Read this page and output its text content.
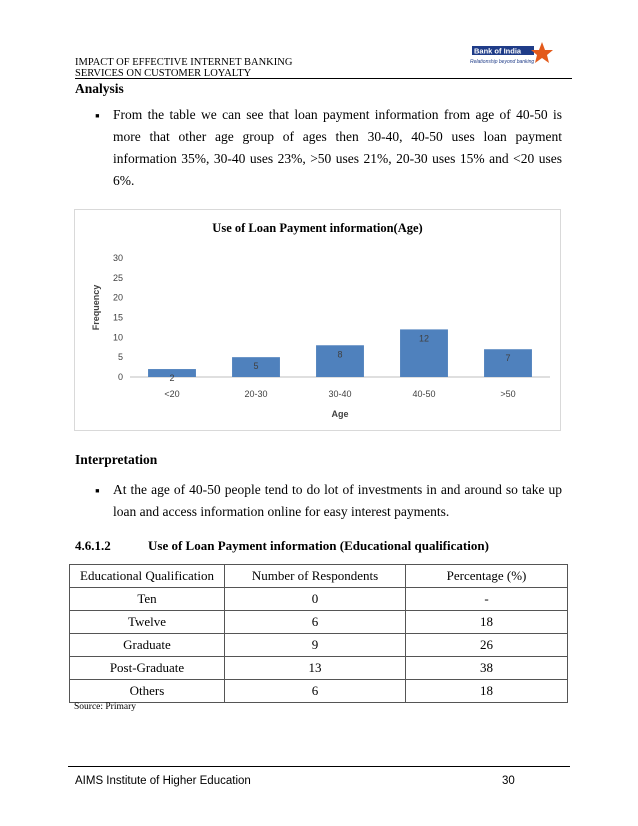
IMPACT OF EFFECTIVE INTERNET BANKING
SERVICES ON CUSTOMER LOYALTY
Bank of India
Relationship beyond banking
Analysis
▪ From the table we can see that loan payment information from age of 40-50 is more that other age group of ages then 30-40, 40-50 uses loan payment information 35%, 30-40 uses 23%, >50 uses 21%, 20-30 uses 15% and <20 uses 6%.
Use of Loan Payment information(Age)
0
5
10
15
20
25
30
2
<20
5
20-30
8
30-40
12
40-50
7
>50
Age
Frequency
Interpretation
▪ At the age of 40-50 people tend to do lot of investments in and around so take up loan and access information online for easy interest payments.
4.6.1.2	Use of Loan Payment information (Educational qualification)
Educational Qualification	Number of Respondents	Percentage (%)
Ten	0	-
Twelve	6	18
Graduate	9	26
Post-Graduate	13	38
Others	6	18
Source: Primary
AIMS Institute of Higher Education	30
